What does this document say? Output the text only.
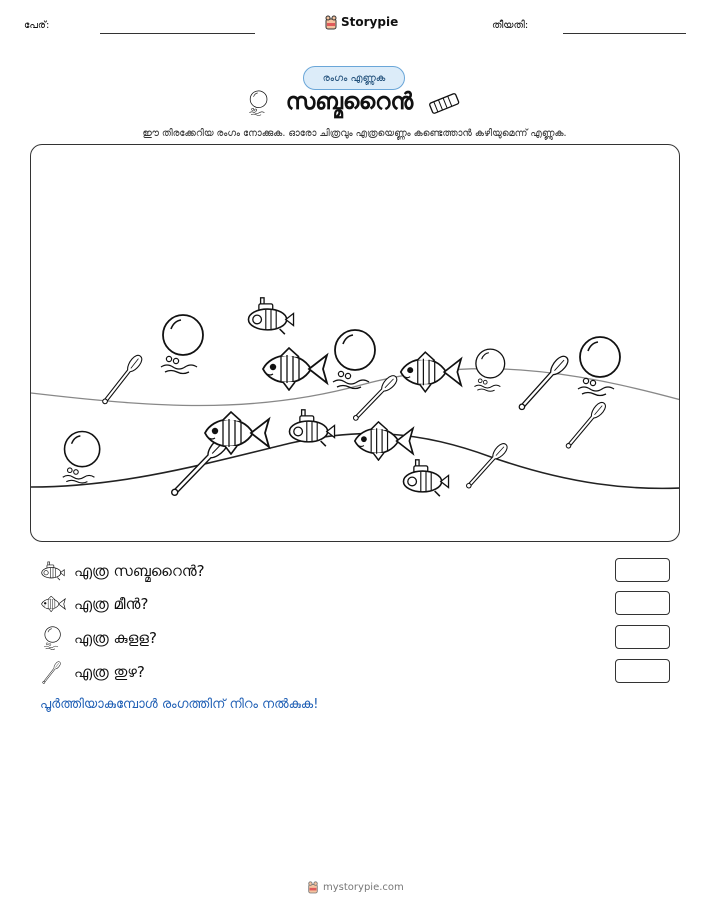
പേര്:	Storypie	തീയതി:
രംഗം എണ്ണുക
സബ്മറൈൻ
ഈ തിരക്കേറിയ രംഗം നോക്കുക. ഓരോ ചിത്രവും എത്രയെണ്ണം കണ്ടെത്താൻ കഴിയുമെന്ന് എണ്ണുക.
എത്ര സബ്മറൈൻ?
എത്ര മീൻ?
എത്ര കുളള?
എത്ര തുഴ?
പൂർത്തിയാകുമ്പോൾ രംഗത്തിന് നിറം നൽകുക!
mystorypie.com
